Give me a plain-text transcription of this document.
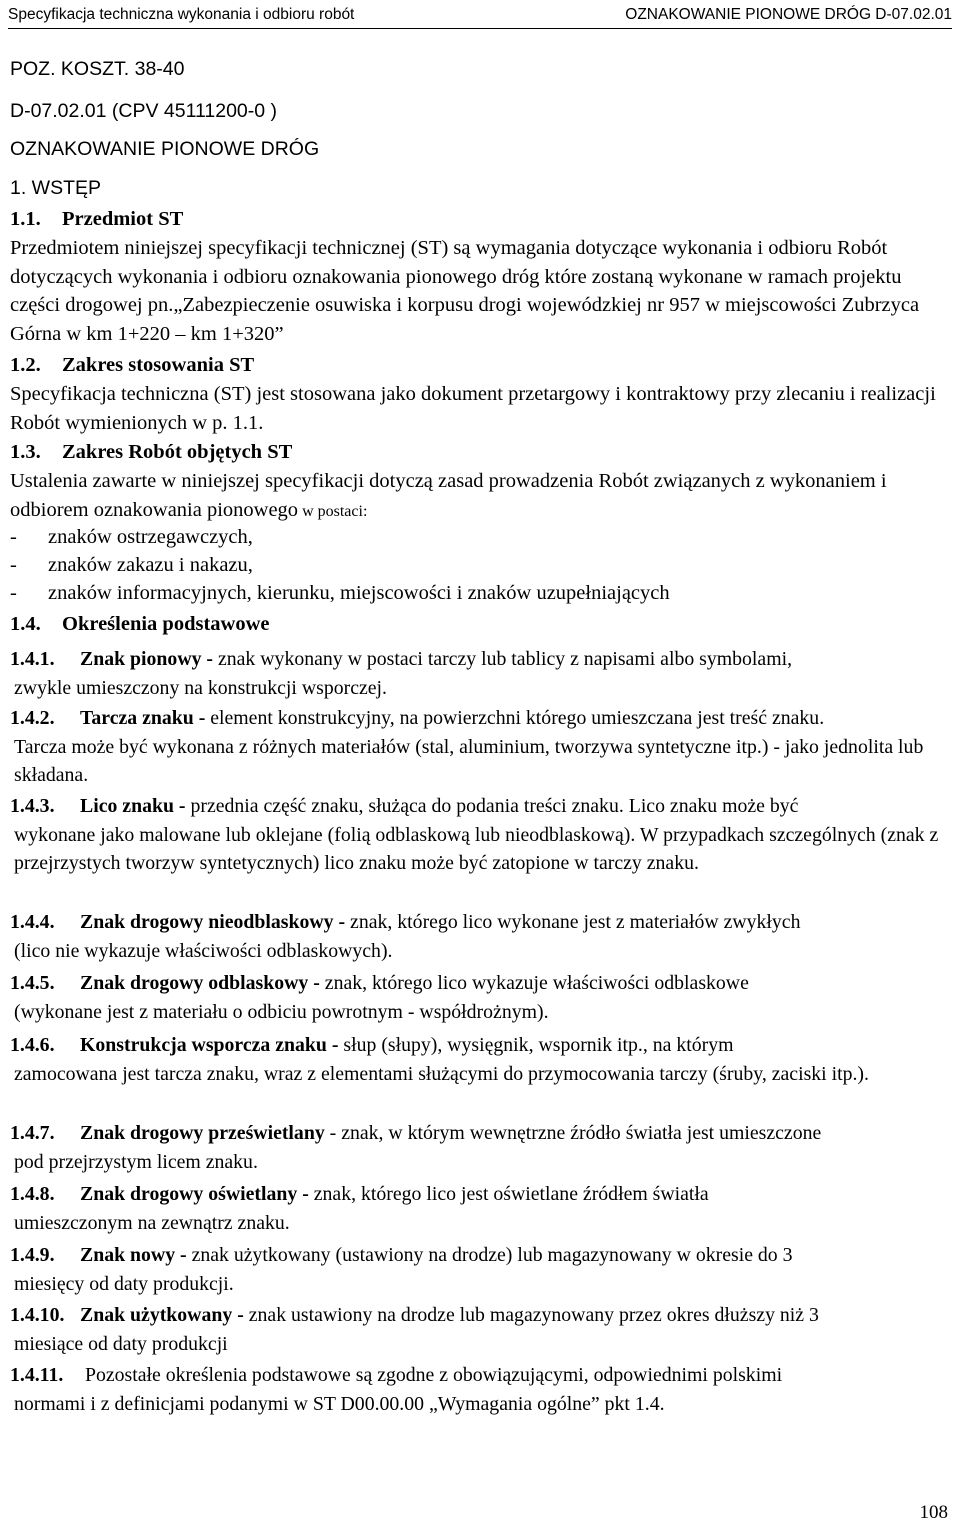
Specyfikacja techniczna wykonania i odbioru robót	OZNAKOWANIE PIONOWE DRÓG D-07.02.01
POZ. KOSZT. 38-40
D-07.02.01 (CPV 45111200-0 )
OZNAKOWANIE PIONOWE DRÓG
1. WSTĘP
1.1. Przedmiot ST
Przedmiotem niniejszej specyfikacji technicznej (ST) są wymagania dotyczące wykonania i odbioru Robót dotyczących wykonania i odbioru oznakowania pionowego dróg które zostaną wykonane w ramach projektu części drogowej pn.„Zabezpieczenie osuwiska i korpusu drogi wojewódzkiej nr 957 w miejscowości Zubrzyca Górna w km 1+220 – km 1+320”
1.2. Zakres stosowania ST
Specyfikacja techniczna (ST) jest stosowana jako dokument przetargowy i kontraktowy przy zlecaniu i realizacji Robót wymienionych w p. 1.1.
1.3. Zakres Robót objętych ST
Ustalenia zawarte w niniejszej specyfikacji dotyczą zasad prowadzenia Robót związanych z wykonaniem i odbiorem oznakowania pionowego w postaci:
- znaków ostrzegawczych,
- znaków zakazu i nakazu,
- znaków informacyjnych, kierunku, miejscowości i znaków uzupełniających
1.4. Określenia podstawowe
1.4.1. Znak pionowy - znak wykonany w postaci tarczy lub tablicy z napisami albo symbolami,
zwykle umieszczony na konstrukcji wsporczej.
1.4.2. Tarcza znaku - element konstrukcyjny, na powierzchni którego umieszczana jest treść znaku.
Tarcza może być wykonana z różnych materiałów (stal, aluminium, tworzywa syntetyczne itp.) - jako jednolita lub składana.
1.4.3. Lico znaku - przednia część znaku, służąca do podania treści znaku. Lico znaku może być
wykonane jako malowane lub oklejane (folią odblaskową lub nieodblaskową). W przypadkach szczególnych (znak z przejrzystych tworzyw syntetycznych) lico znaku może być zatopione w tarczy znaku.
1.4.4. Znak drogowy nieodblaskowy - znak, którego lico wykonane jest z materiałów zwykłych
(lico nie wykazuje właściwości odblaskowych).
1.4.5. Znak drogowy odblaskowy - znak, którego lico wykazuje właściwości odblaskowe
(wykonane jest z materiału o odbiciu powrotnym - współdrożnym).
1.4.6. Konstrukcja wsporcza znaku - słup (słupy), wysięgnik, wspornik itp., na którym
zamocowana jest tarcza znaku, wraz z elementami służącymi do przymocowania tarczy (śruby, zaciski itp.).
1.4.7. Znak drogowy prześwietlany - znak, w którym wewnętrzne źródło światła jest umieszczone
pod przejrzystym licem znaku.
1.4.8. Znak drogowy oświetlany - znak, którego lico jest oświetlane źródłem światła
umieszczonym na zewnątrz znaku.
1.4.9. Znak nowy - znak użytkowany (ustawiony na drodze) lub magazynowany w okresie do 3
miesięcy od daty produkcji.
1.4.10. Znak użytkowany - znak ustawiony na drodze lub magazynowany przez okres dłuższy niż 3
miesiące od daty produkcji
1.4.11. Pozostałe określenia podstawowe są zgodne z obowiązującymi, odpowiednimi polskimi
normami i z definicjami podanymi w ST D00.00.00 „Wymagania ogólne” pkt 1.4.
108
